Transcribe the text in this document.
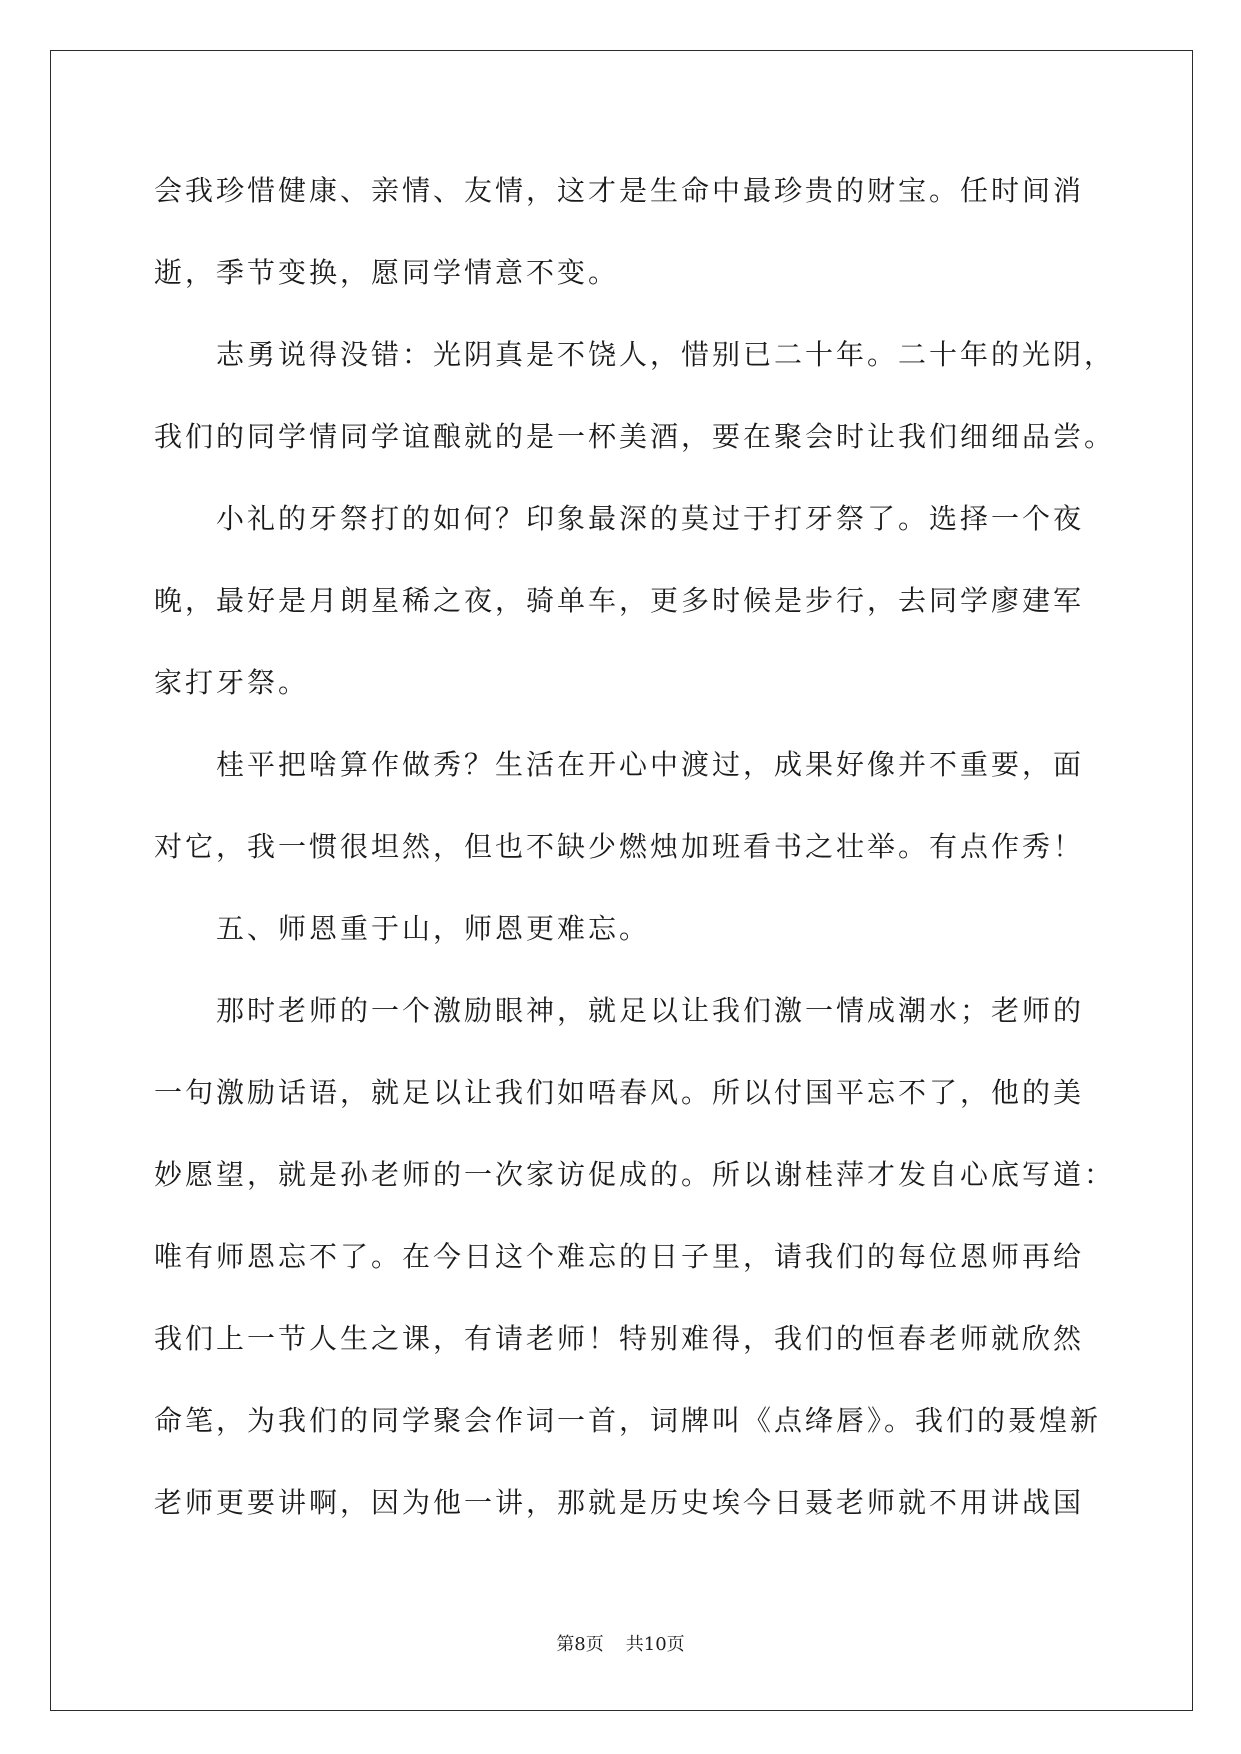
会我珍惜健康、亲情、友情，这才是生命中最珍贵的财宝。任时间消
逝，季节变换，愿同学情意不变。
志勇说得没错：光阴真是不饶人，惜别已二十年。二十年的光阴，
我们的同学情同学谊酿就的是一杯美酒，要在聚会时让我们细细品尝。
小礼的牙祭打的如何？印象最深的莫过于打牙祭了。选择一个夜
晚，最好是月朗星稀之夜，骑单车，更多时候是步行，去同学廖建军
家打牙祭。
桂平把啥算作做秀？生活在开心中渡过，成果好像并不重要，面
对它，我一惯很坦然，但也不缺少燃烛加班看书之壮举。有点作秀！
五、师恩重于山，师恩更难忘。
那时老师的一个激励眼神，就足以让我们激一情成潮水；老师的
一句激励话语，就足以让我们如唔春风。所以付国平忘不了，他的美
妙愿望，就是孙老师的一次家访促成的。所以谢桂萍才发自心底写道：
唯有师恩忘不了。在今日这个难忘的日子里，请我们的每位恩师再给
我们上一节人生之课，有请老师！特别难得，我们的恒春老师就欣然
命笔，为我们的同学聚会作词一首，词牌叫《点绛唇》。我们的聂煌新
老师更要讲啊，因为他一讲，那就是历史埃今日聂老师就不用讲战国
第8页 共10页
